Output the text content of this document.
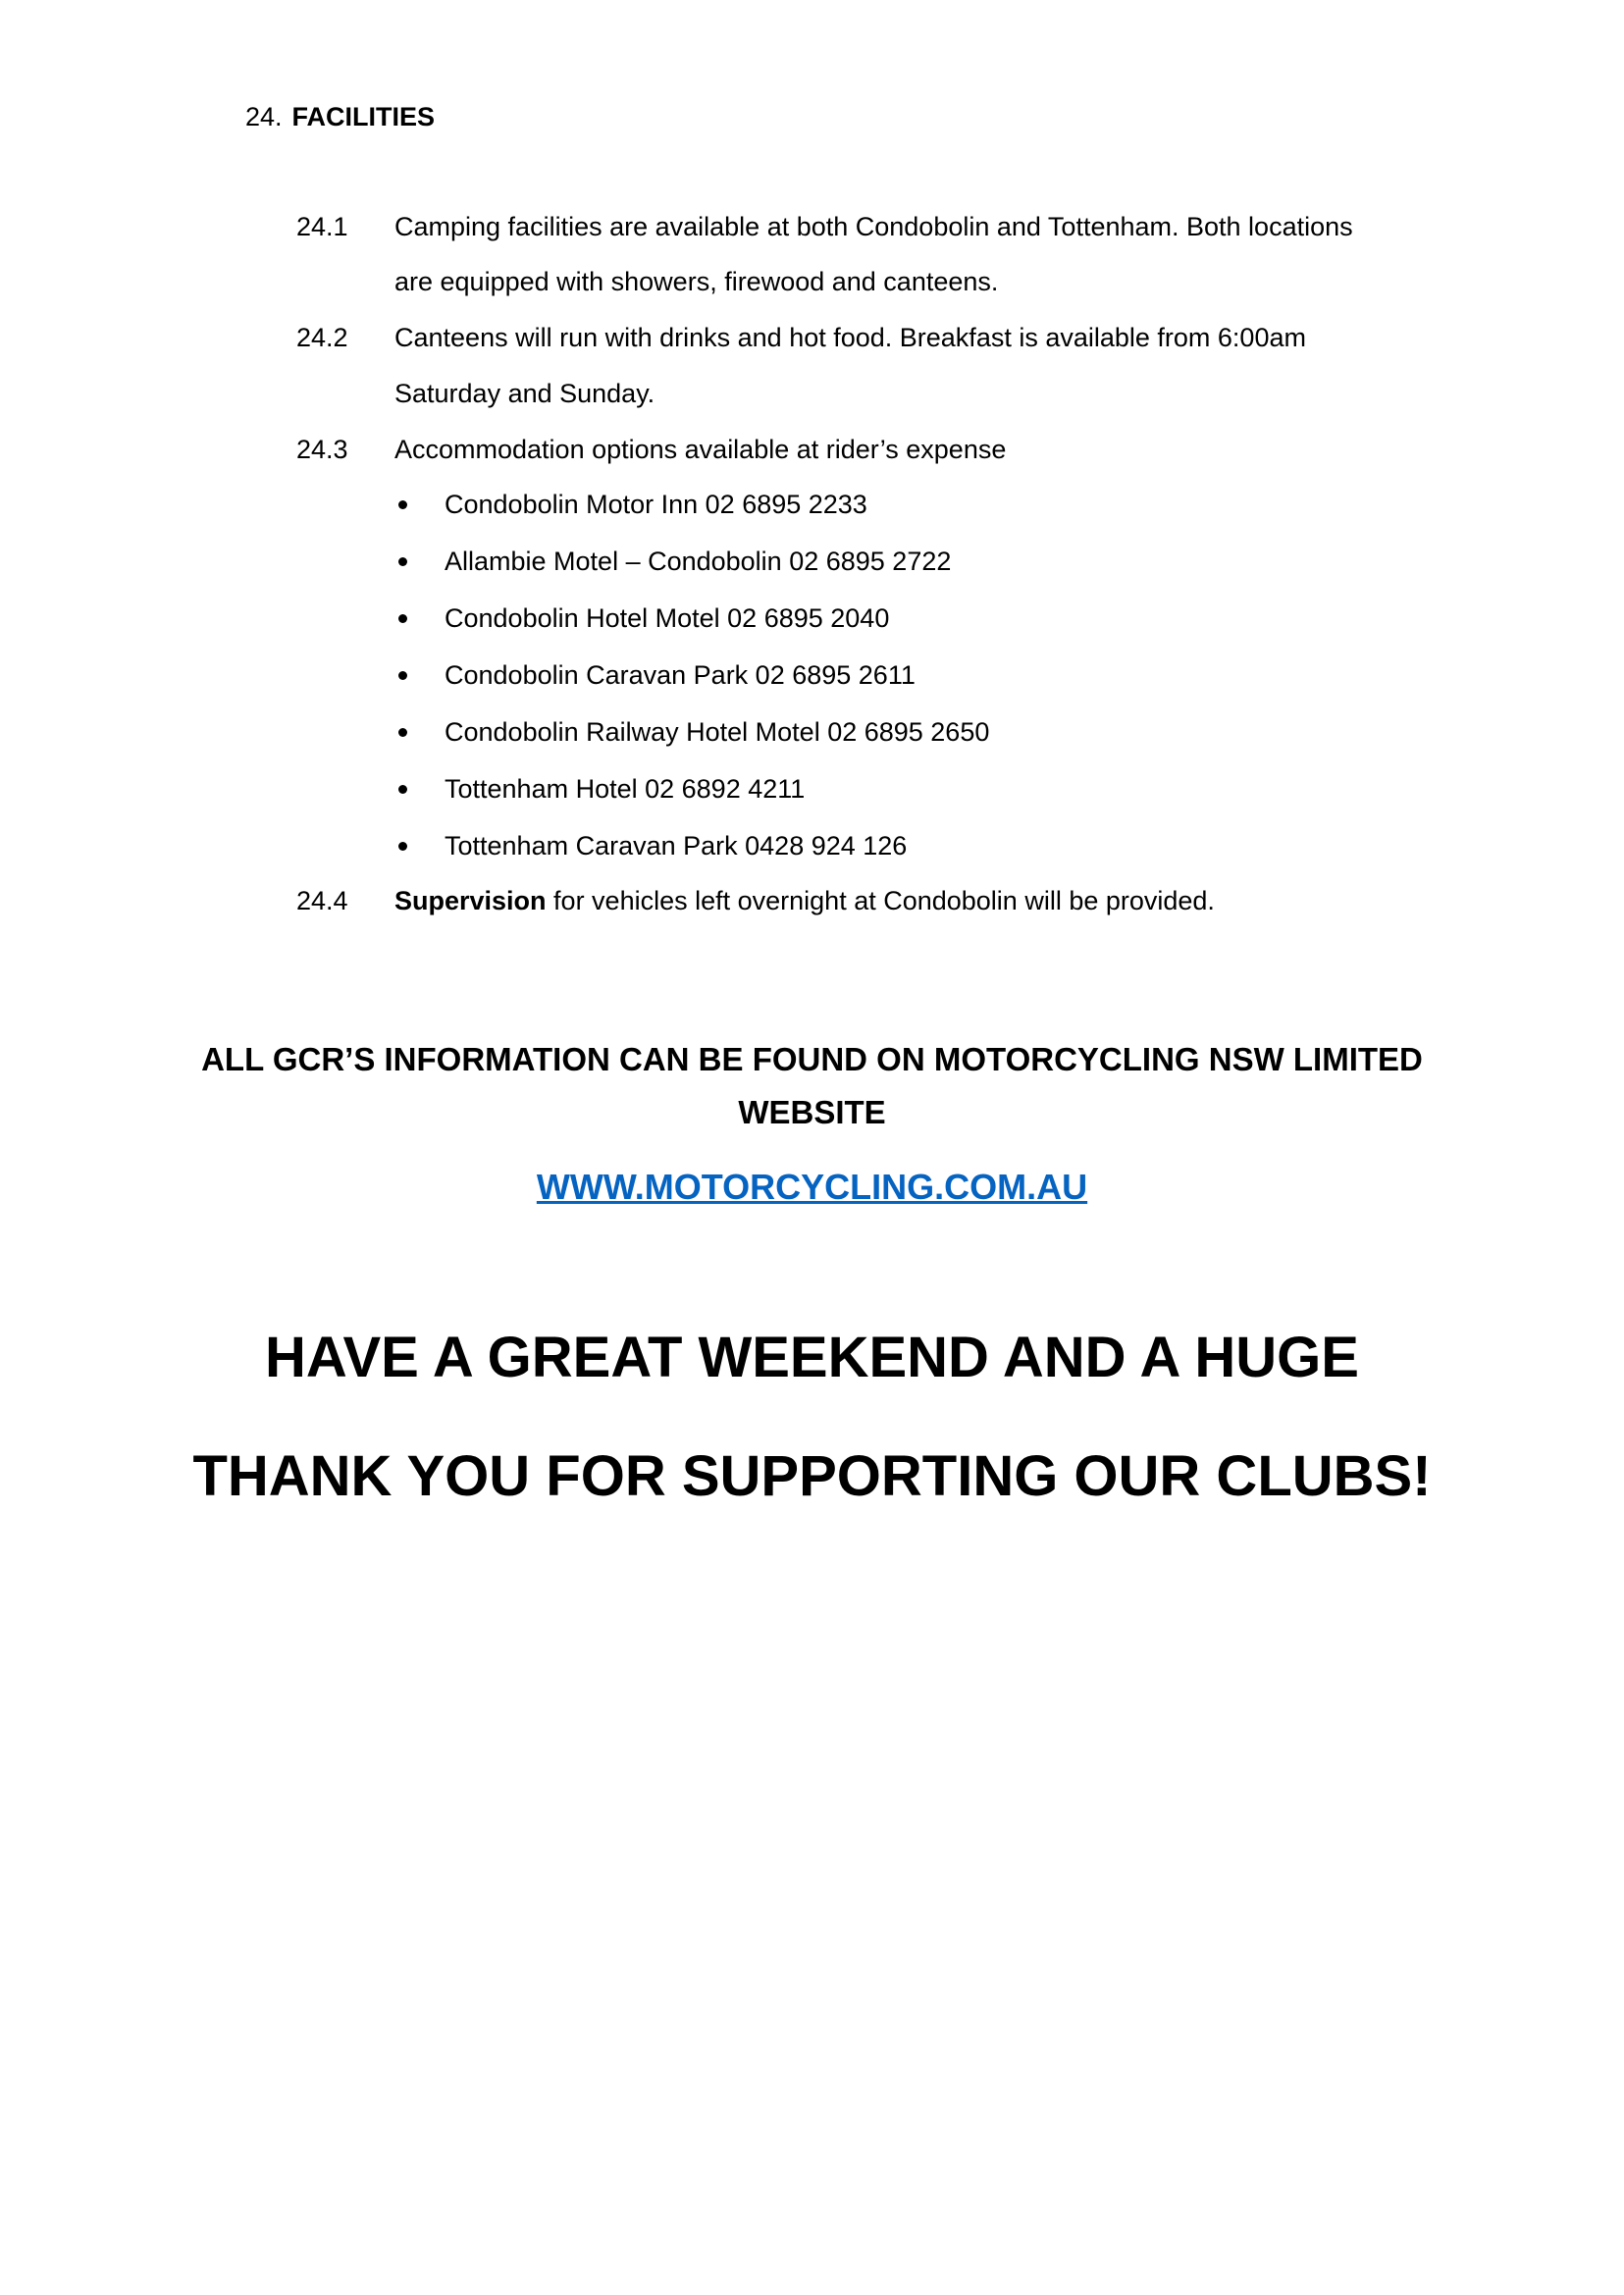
24. FACILITIES
24.1 Camping facilities are available at both Condobolin and Tottenham. Both locations
are equipped with showers, firewood and canteens.
24.2 Canteens will run with drinks and hot food. Breakfast is available from 6:00am
Saturday and Sunday.
24.3 Accommodation options available at rider’s expense
Condobolin Motor Inn 02 6895 2233
Allambie Motel – Condobolin 02 6895 2722
Condobolin Hotel Motel 02 6895 2040
Condobolin Caravan Park 02 6895 2611
Condobolin Railway Hotel Motel 02 6895 2650
Tottenham Hotel 02 6892 4211
Tottenham Caravan Park 0428 924 126
24.4 Supervision for vehicles left overnight at Condobolin will be provided.
ALL GCR’S INFORMATION CAN BE FOUND ON MOTORCYCLING NSW LIMITED
WEBSITE
WWW.MOTORCYCLING.COM.AU
HAVE A GREAT WEEKEND AND A HUGE
THANK YOU FOR SUPPORTING OUR CLUBS!
